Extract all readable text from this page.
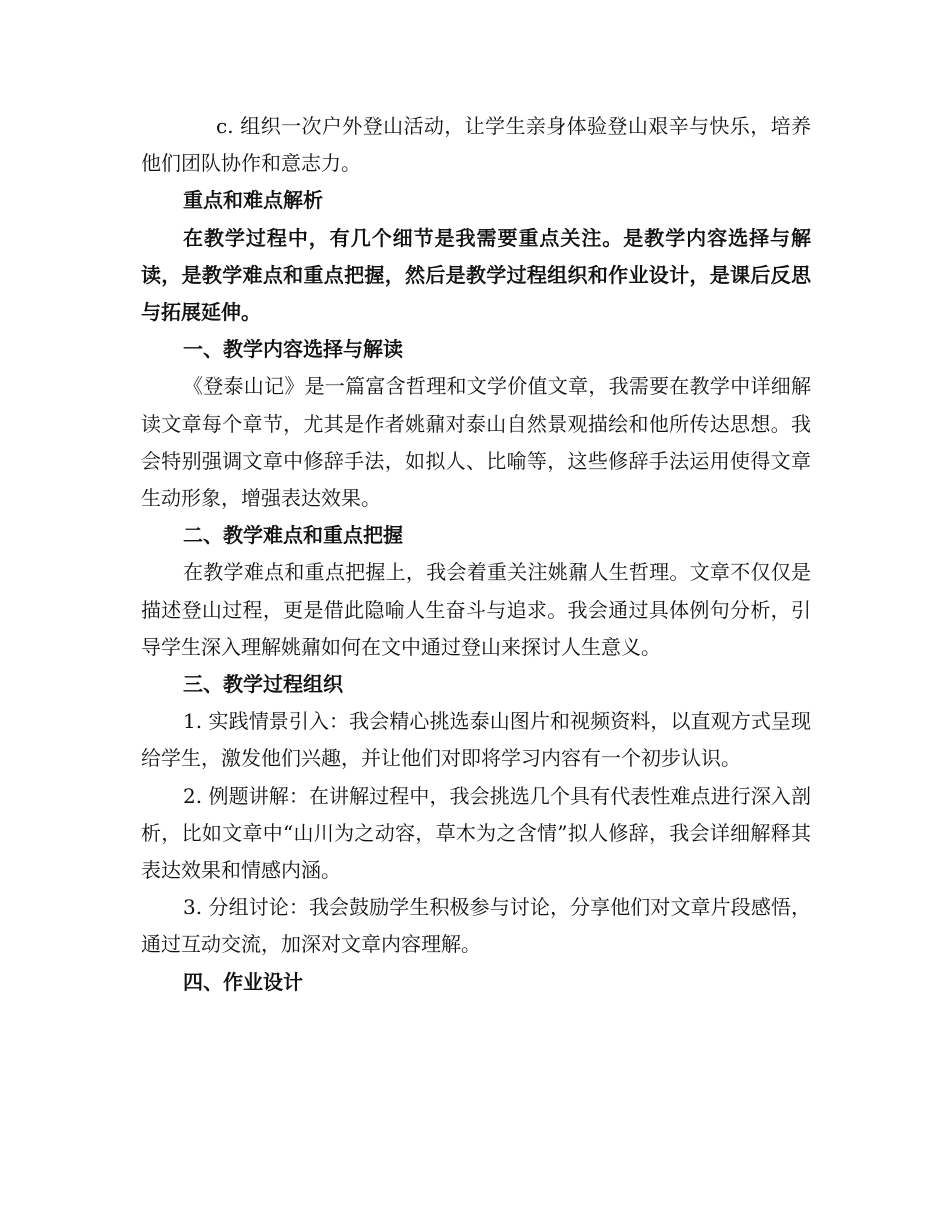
c. 组织一次户外登山活动，让学生亲身体验登山艰辛与快乐，培养他们团队协作和意志力。

重点和难点解析

在教学过程中，有几个细节是我需要重点关注。是教学内容选择与解读，是教学难点和重点把握，然后是教学过程组织和作业设计，是课后反思与拓展延伸。

一、教学内容选择与解读

《登泰山记》是一篇富含哲理和文学价值文章，我需要在教学中详细解读文章每个章节，尤其是作者姚鼐对泰山自然景观描绘和他所传达思想。我会特别强调文章中修辞手法，如拟人、比喻等，这些修辞手法运用使得文章生动形象，增强表达效果。

二、教学难点和重点把握

在教学难点和重点把握上，我会着重关注姚鼐人生哲理。文章不仅仅是描述登山过程，更是借此隐喻人生奋斗与追求。我会通过具体例句分析，引导学生深入理解姚鼐如何在文中通过登山来探讨人生意义。

三、教学过程组织

1. 实践情景引入：我会精心挑选泰山图片和视频资料，以直观方式呈现给学生，激发他们兴趣，并让他们对即将学习内容有一个初步认识。

2. 例题讲解：在讲解过程中，我会挑选几个具有代表性难点进行深入剖析，比如文章中“山川为之动容，草木为之含情”拟人修辞，我会详细解释其表达效果和情感内涵。

3. 分组讨论：我会鼓励学生积极参与讨论，分享他们对文章片段感悟，通过互动交流，加深对文章内容理解。

四、作业设计
